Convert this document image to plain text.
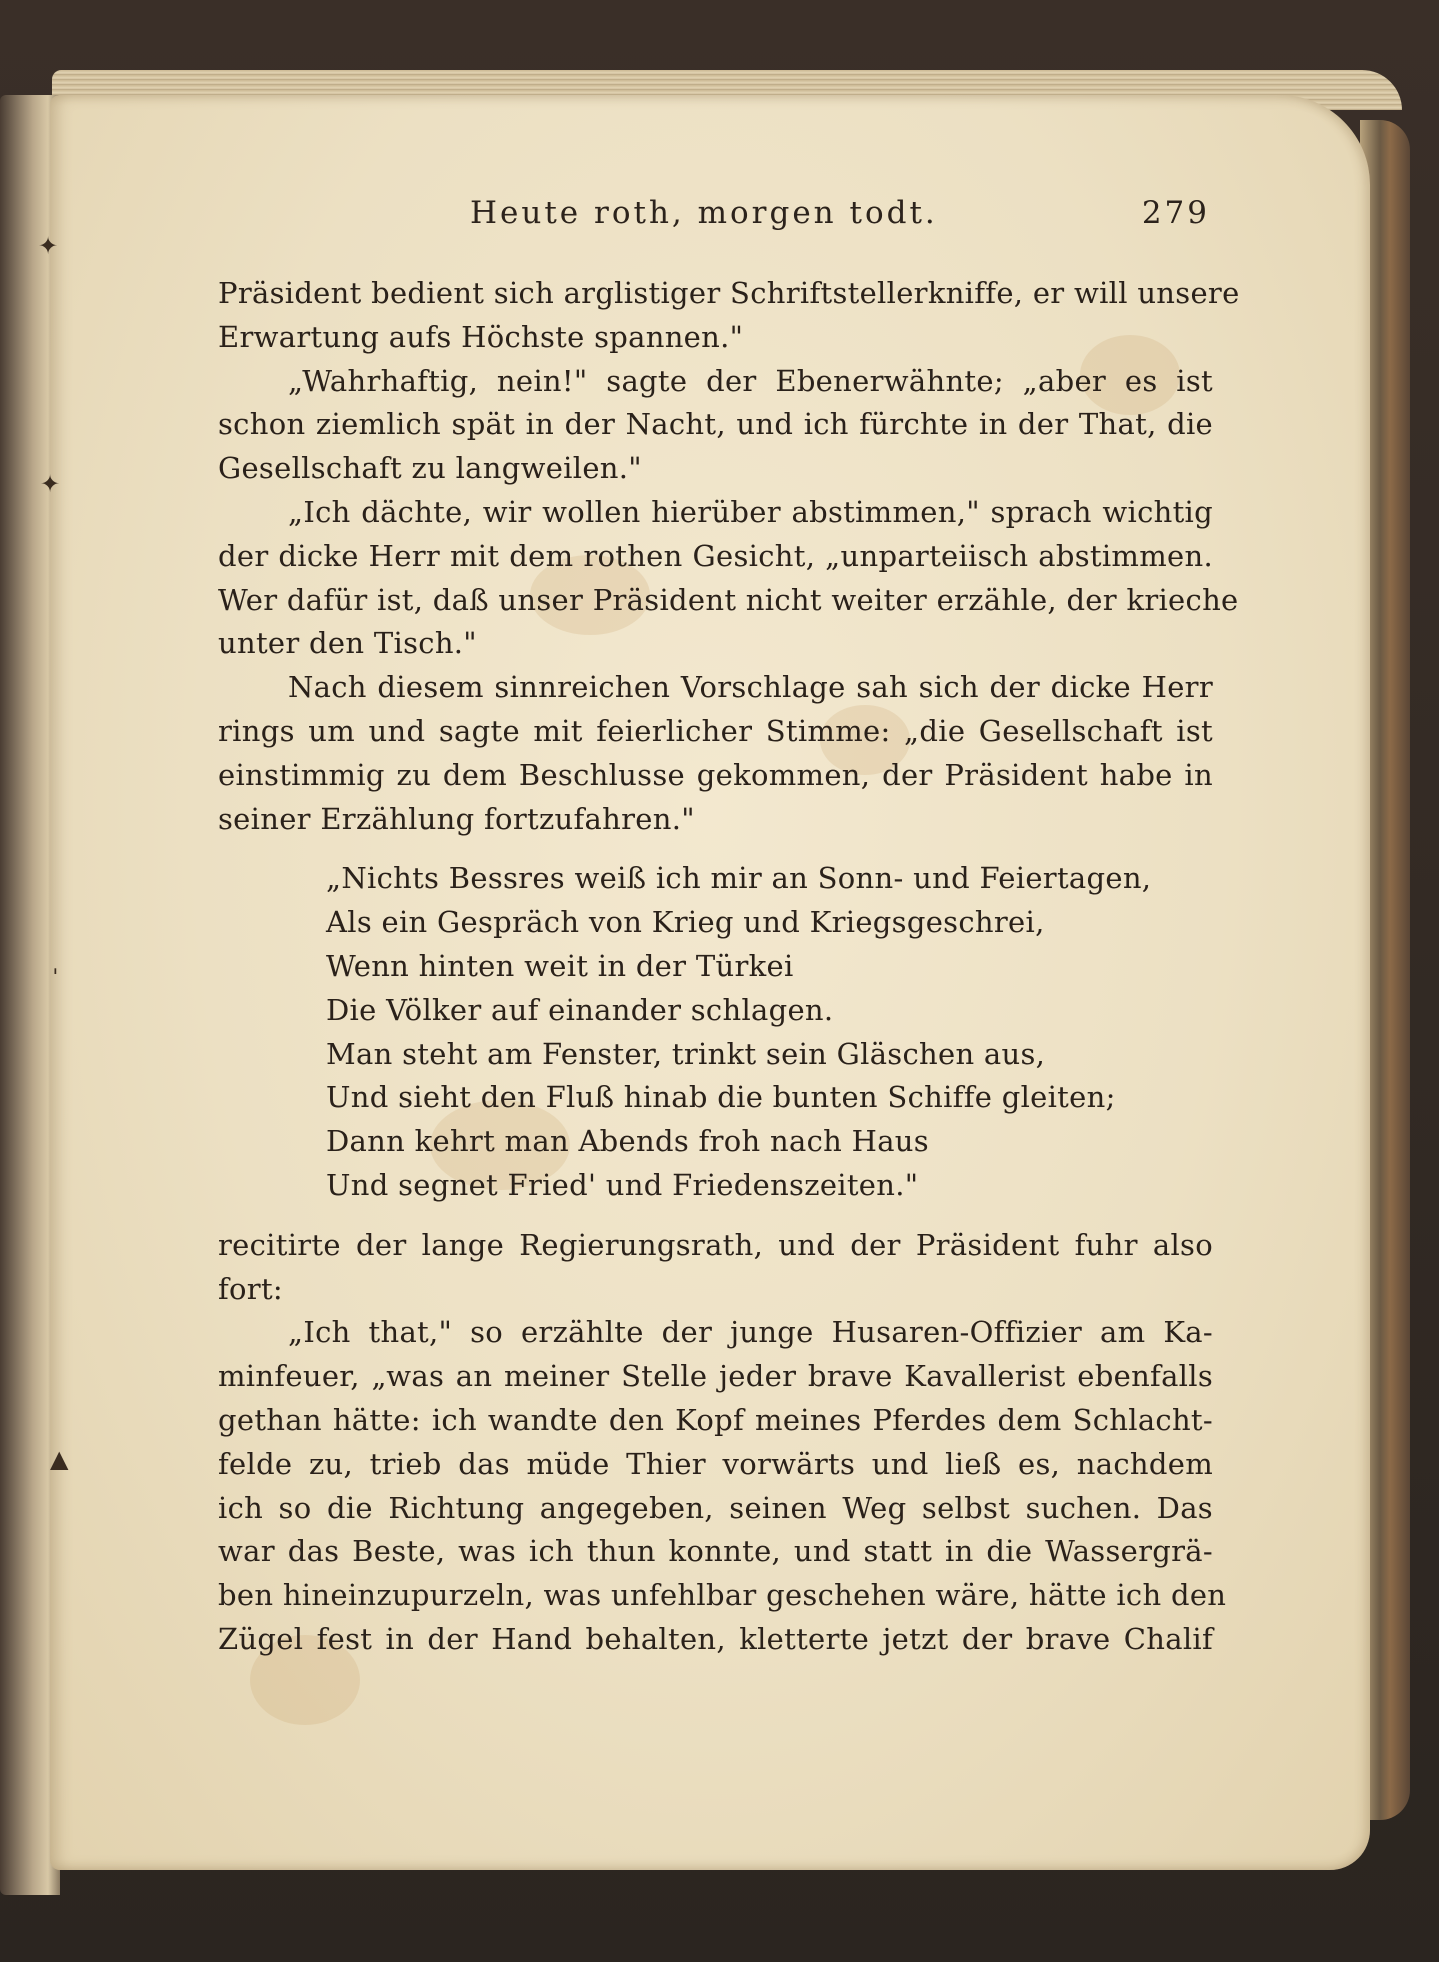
✦
✦
ˈ
▲
Heute roth, morgen todt.	279
Präsident bedient sich arglistiger Schriftstellerkniffe, er will unsere
Erwartung aufs Höchste spannen."
„Wahrhaftig, nein!" sagte der Ebenerwähnte; „aber es ist
schon ziemlich spät in der Nacht, und ich fürchte in der That, die
Gesellschaft zu langweilen."
„Ich dächte, wir wollen hierüber abstimmen," sprach wichtig
der dicke Herr mit dem rothen Gesicht, „unparteiisch abstimmen.
Wer dafür ist, daß unser Präsident nicht weiter erzähle, der krieche
unter den Tisch."
Nach diesem sinnreichen Vorschlage sah sich der dicke Herr
rings um und sagte mit feierlicher Stimme: „die Gesellschaft ist
einstimmig zu dem Beschlusse gekommen, der Präsident habe in
seiner Erzählung fortzufahren."
„Nichts Bessres weiß ich mir an Sonn- und Feiertagen,
Als ein Gespräch von Krieg und Kriegsgeschrei,
Wenn hinten weit in der Türkei
Die Völker auf einander schlagen.
Man steht am Fenster, trinkt sein Gläschen aus,
Und sieht den Fluß hinab die bunten Schiffe gleiten;
Dann kehrt man Abends froh nach Haus
Und segnet Fried' und Friedenszeiten."
recitirte der lange Regierungsrath, und der Präsident fuhr also
fort:
„Ich that," so erzählte der junge Husaren-Offizier am Ka-
minfeuer, „was an meiner Stelle jeder brave Kavallerist ebenfalls
gethan hätte: ich wandte den Kopf meines Pferdes dem Schlacht-
felde zu, trieb das müde Thier vorwärts und ließ es, nachdem
ich so die Richtung angegeben, seinen Weg selbst suchen. Das
war das Beste, was ich thun konnte, und statt in die Wassergrä-
ben hineinzupurzeln, was unfehlbar geschehen wäre, hätte ich den
Zügel fest in der Hand behalten, kletterte jetzt der brave Chalif
